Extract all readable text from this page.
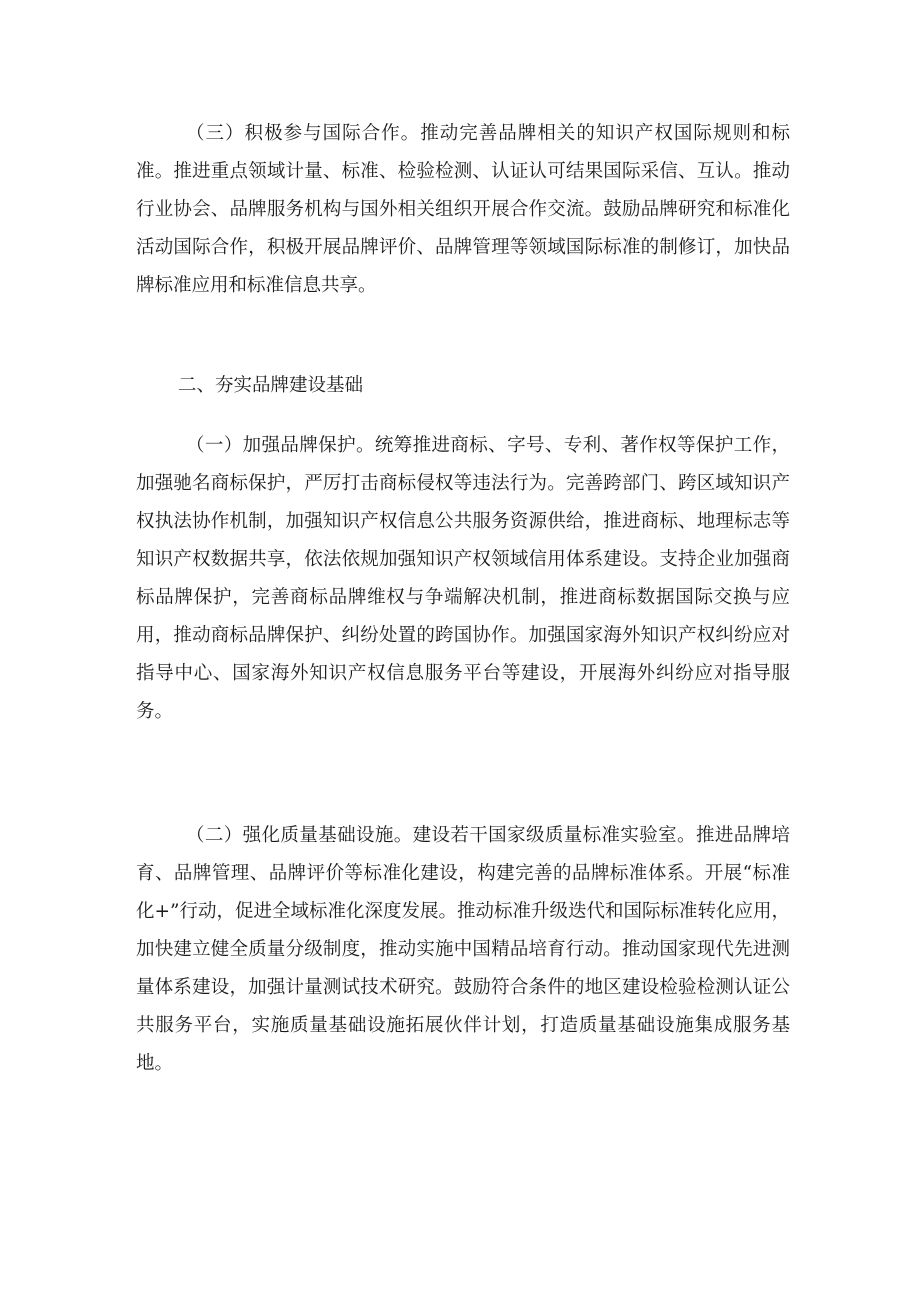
（三）积极参与国际合作。推动完善品牌相关的知识产权国际规则和标准。推进重点领域计量、标准、检验检测、认证认可结果国际采信、互认。推动行业协会、品牌服务机构与国外相关组织开展合作交流。鼓励品牌研究和标准化活动国际合作，积极开展品牌评价、品牌管理等领域国际标准的制修订，加快品牌标准应用和标准信息共享。

二、夯实品牌建设基础

（一）加强品牌保护。统筹推进商标、字号、专利、著作权等保护工作，加强驰名商标保护，严厉打击商标侵权等违法行为。完善跨部门、跨区域知识产权执法协作机制，加强知识产权信息公共服务资源供给，推进商标、地理标志等知识产权数据共享，依法依规加强知识产权领域信用体系建设。支持企业加强商标品牌保护，完善商标品牌维权与争端解决机制，推进商标数据国际交换与应用，推动商标品牌保护、纠纷处置的跨国协作。加强国家海外知识产权纠纷应对指导中心、国家海外知识产权信息服务平台等建设，开展海外纠纷应对指导服务。

（二）强化质量基础设施。建设若干国家级质量标准实验室。推进品牌培育、品牌管理、品牌评价等标准化建设，构建完善的品牌标准体系。开展“标准化+”行动，促进全域标准化深度发展。推动标准升级迭代和国际标准转化应用，加快建立健全质量分级制度，推动实施中国精品培育行动。推动国家现代先进测量体系建设，加强计量测试技术研究。鼓励符合条件的地区建设检验检测认证公共服务平台，实施质量基础设施拓展伙伴计划，打造质量基础设施集成服务基地。
